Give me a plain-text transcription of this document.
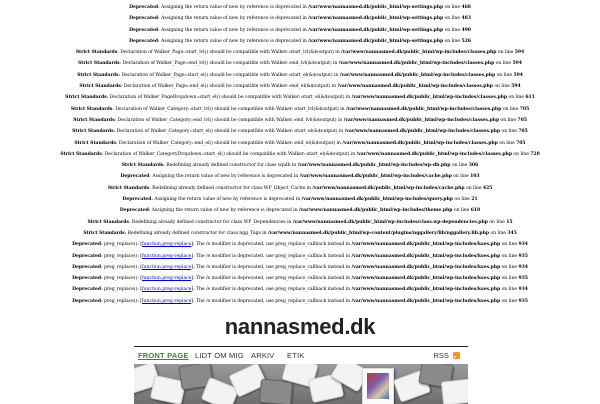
Deprecated: Assigning the return value of new by reference is deprecated in /var/www/nannasmed.dk/public_html/wp-settings.php on line 468
Deprecated: Assigning the return value of new by reference is deprecated in /var/www/nannasmed.dk/public_html/wp-settings.php on line 483
Deprecated: Assigning the return value of new by reference is deprecated in /var/www/nannasmed.dk/public_html/wp-settings.php on line 490
Deprecated: Assigning the return value of new by reference is deprecated in /var/www/nannasmed.dk/public_html/wp-settings.php on line 526
Strict Standards: Declaration of Walker_Page::start_lvl() should be compatible with Walker::start_lvl(&$output) in /var/www/nannasmed.dk/public_html/wp-includes/classes.php on line 594
Strict Standards: Declaration of Walker_Page::end_lvl() should be compatible with Walker::end_lvl(&$output) in /var/www/nannasmed.dk/public_html/wp-includes/classes.php on line 594
Strict Standards: Declaration of Walker_Page::start_el() should be compatible with Walker::start_el(&$output) in /var/www/nannasmed.dk/public_html/wp-includes/classes.php on line 594
Strict Standards: Declaration of Walker_Page::end_el() should be compatible with Walker::end_el(&$output) in /var/www/nannasmed.dk/public_html/wp-includes/classes.php on line 594
Strict Standards: Declaration of Walker_PageDropdown::start_el() should be compatible with Walker::start_el(&$output) in /var/www/nannasmed.dk/public_html/wp-includes/classes.php on line 611
Strict Standards: Declaration of Walker_Category::start_lvl() should be compatible with Walker::start_lvl(&$output) in /var/www/nannasmed.dk/public_html/wp-includes/classes.php on line 705
Strict Standards: Declaration of Walker_Category::end_lvl() should be compatible with Walker::end_lvl(&$output) in /var/www/nannasmed.dk/public_html/wp-includes/classes.php on line 705
Strict Standards: Declaration of Walker_Category::start_el() should be compatible with Walker::start_el(&$output) in /var/www/nannasmed.dk/public_html/wp-includes/classes.php on line 705
Strict Standards: Declaration of Walker_Category::end_el() should be compatible with Walker::end_el(&$output) in /var/www/nannasmed.dk/public_html/wp-includes/classes.php on line 705
Strict Standards: Declaration of Walker_CategoryDropdown::start_el() should be compatible with Walker::start_el(&$output) in /var/www/nannasmed.dk/public_html/wp-includes/classes.php on line 728
Strict Standards: Redefining already defined constructor for class wpdb in /var/www/nannasmed.dk/public_html/wp-includes/wp-db.php on line 306
Deprecated: Assigning the return value of new by reference is deprecated in /var/www/nannasmed.dk/public_html/wp-includes/cache.php on line 103
Strict Standards: Redefining already defined constructor for class WP_Object_Cache in /var/www/nannasmed.dk/public_html/wp-includes/cache.php on line 425
Deprecated: Assigning the return value of new by reference is deprecated in /var/www/nannasmed.dk/public_html/wp-includes/query.php on line 21
Deprecated: Assigning the return value of new by reference is deprecated in /var/www/nannasmed.dk/public_html/wp-includes/theme.php on line 618
Strict Standards: Redefining already defined constructor for class WP_Dependencies in /var/www/nannasmed.dk/public_html/wp-includes/class.wp-dependencies.php on line 15
Strict Standards: Redefining already defined constructor for class ngg_Tags in /var/www/nannasmed.dk/public_html/wp-content/plugins/nggallery/lib/nggallery.lib.php on line 345
Deprecated: preg_replace(): [function.preg-replace]: The /e modifier is deprecated, use preg_replace_callback instead in /var/www/nannasmed.dk/public_html/wp-includes/kses.php on line 934
Deprecated: preg_replace(): [function.preg-replace]: The /e modifier is deprecated, use preg_replace_callback instead in /var/www/nannasmed.dk/public_html/wp-includes/kses.php on line 935
Deprecated: preg_replace(): [function.preg-replace]: The /e modifier is deprecated, use preg_replace_callback instead in /var/www/nannasmed.dk/public_html/wp-includes/kses.php on line 934
Deprecated: preg_replace(): [function.preg-replace]: The /e modifier is deprecated, use preg_replace_callback instead in /var/www/nannasmed.dk/public_html/wp-includes/kses.php on line 935
Deprecated: preg_replace(): [function.preg-replace]: The /e modifier is deprecated, use preg_replace_callback instead in /var/www/nannasmed.dk/public_html/wp-includes/kses.php on line 934
Deprecated: preg_replace(): [function.preg-replace]: The /e modifier is deprecated, use preg_replace_callback instead in /var/www/nannasmed.dk/public_html/wp-includes/kses.php on line 935
nannasmed.dk
FRONT PAGE LIDT OM MIG ARKIV ETIK	RSS
